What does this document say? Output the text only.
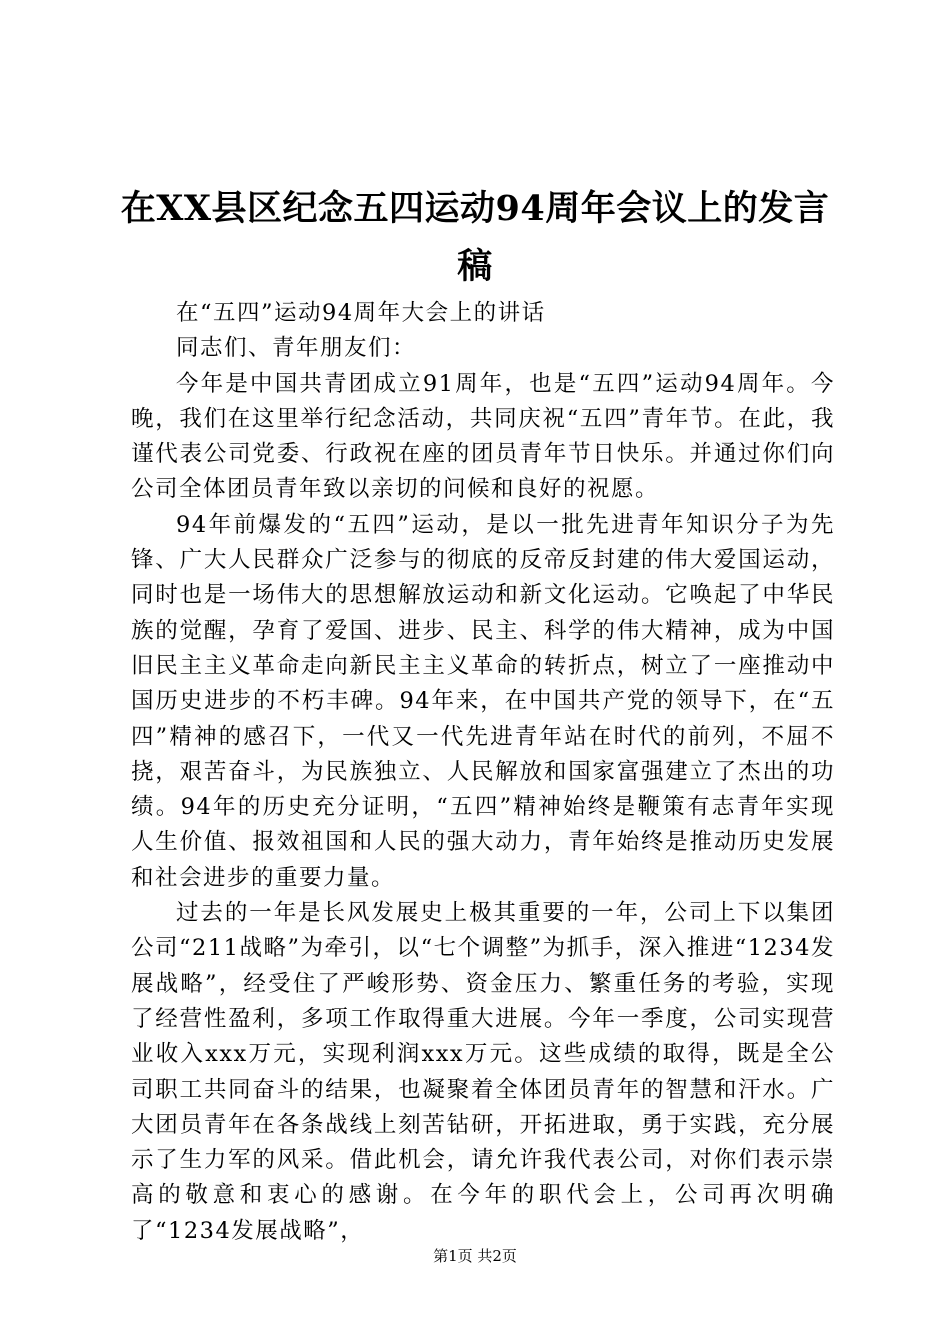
在XX县区纪念五四运动94周年会议上的发言稿

在“五四”运动94周年大会上的讲话

同志们、青年朋友们：

今年是中国共青团成立91周年，也是“五四”运动94周年。今晚，我们在这里举行纪念活动，共同庆祝“五四”青年节。在此，我谨代表公司党委、行政祝在座的团员青年节日快乐。并通过你们向公司全体团员青年致以亲切的问候和良好的祝愿。

94年前爆发的“五四”运动，是以一批先进青年知识分子为先锋、广大人民群众广泛参与的彻底的反帝反封建的伟大爱国运动，同时也是一场伟大的思想解放运动和新文化运动。它唤起了中华民族的觉醒，孕育了爱国、进步、民主、科学的伟大精神，成为中国旧民主主义革命走向新民主主义革命的转折点，树立了一座推动中国历史进步的不朽丰碑。94年来，在中国共产党的领导下，在“五四”精神的感召下，一代又一代先进青年站在时代的前列，不屈不挠，艰苦奋斗，为民族独立、人民解放和国家富强建立了杰出的功绩。94年的历史充分证明，“五四”精神始终是鞭策有志青年实现人生价值、报效祖国和人民的强大动力，青年始终是推动历史发展和社会进步的重要力量。

过去的一年是长风发展史上极其重要的一年，公司上下以集团公司“211战略”为牵引，以“七个调整”为抓手，深入推进“1234发展战略”，经受住了严峻形势、资金压力、繁重任务的考验，实现了经营性盈利，多项工作取得重大进展。今年一季度，公司实现营业收入xxx万元，实现利润xxx万元。这些成绩的取得，既是全公司职工共同奋斗的结果，也凝聚着全体团员青年的智慧和汗水。广大团员青年在各条战线上刻苦钻研，开拓进取，勇于实践，充分展示了生力军的风采。借此机会，请允许我代表公司，对你们表示崇高的敬意和衷心的感谢。在今年的职代会上，公司再次明确了“1234发展战略”，

第1页 共2页
